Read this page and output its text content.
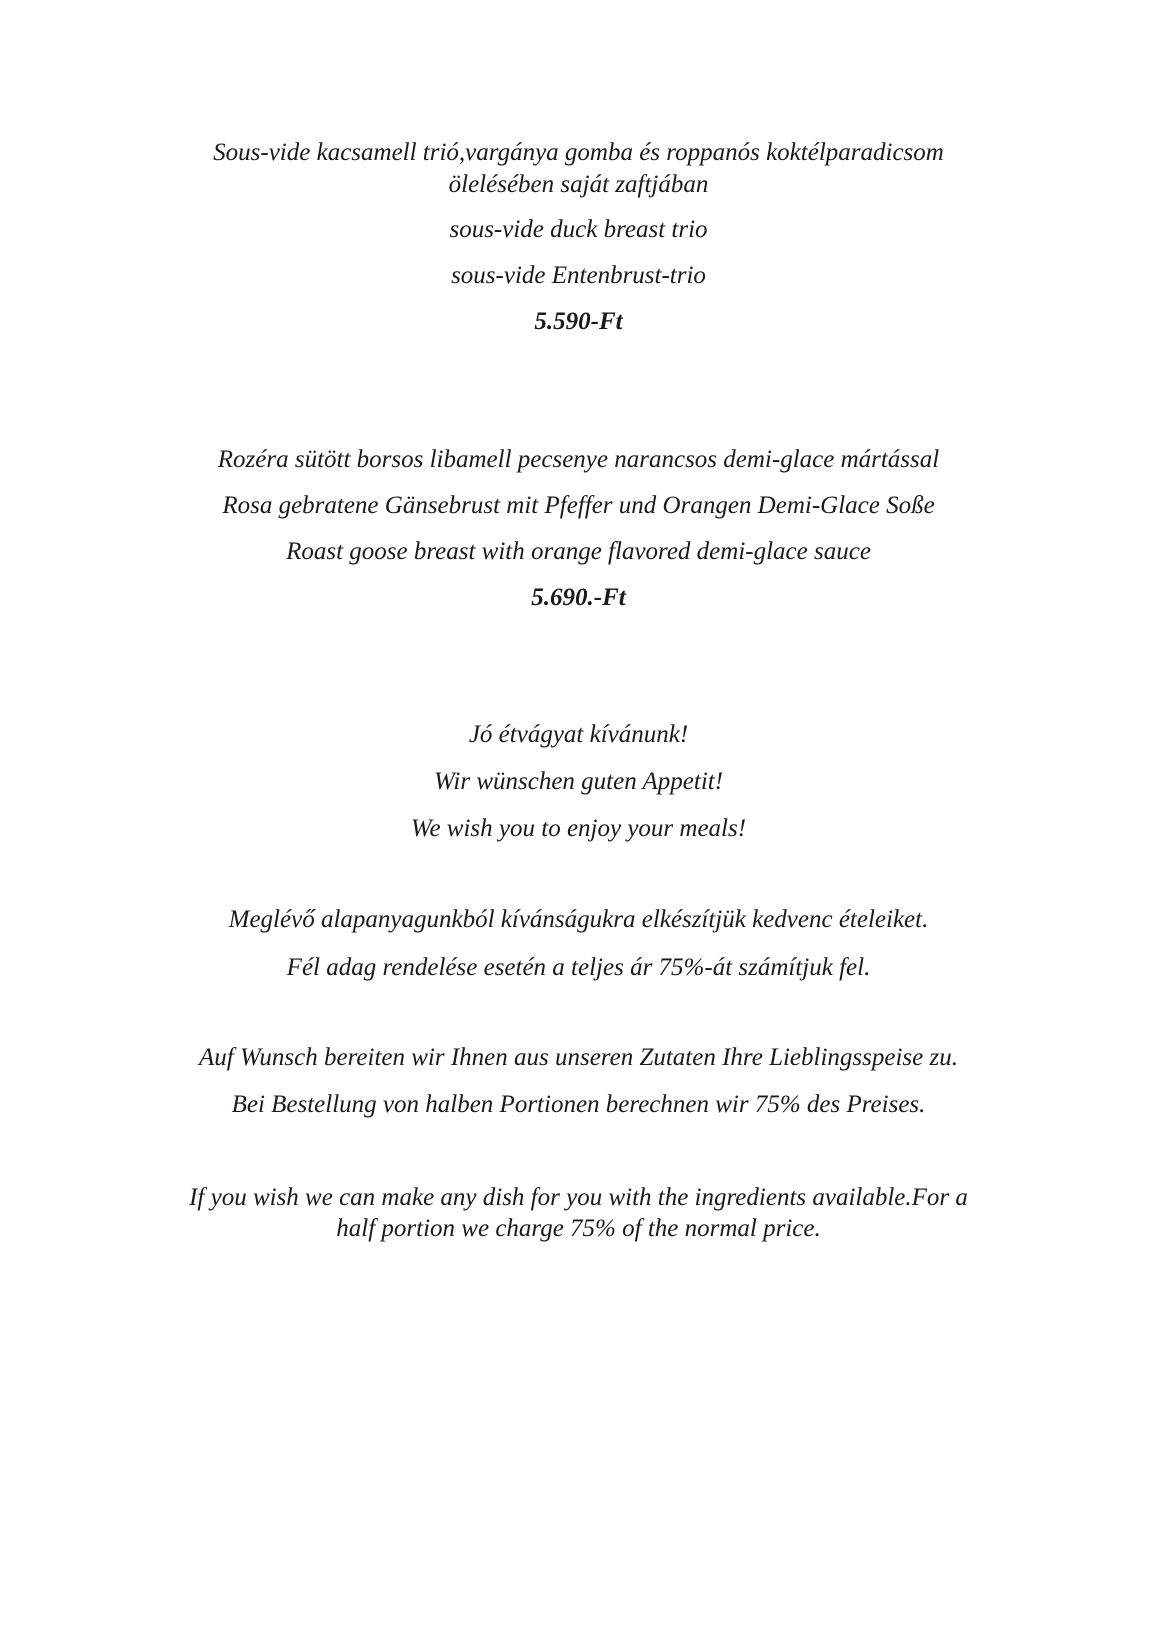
Sous-vide kacsamell trió,vargánya gomba és roppanós koktélparadicsom
ölelésében saját zaftjában
sous-vide duck breast trio
sous-vide Entenbrust-trio
5.590-Ft
Rozéra sütött borsos libamell pecsenye narancsos demi-glace mártással
Rosa gebratene Gänsebrust mit Pfeffer und Orangen Demi-Glace Soße
Roast goose breast with orange flavored demi-glace sauce
5.690.-Ft
Jó étvágyat kívánunk!
Wir wünschen guten Appetit!
We wish you to enjoy your meals!
Meglévő alapanyagunkból kívánságukra elkészítjük kedvenc ételeiket.
Fél adag rendelése esetén a teljes ár 75%-át számítjuk fel.
Auf Wunsch bereiten wir Ihnen aus unseren Zutaten Ihre Lieblingsspeise zu.
Bei Bestellung von halben Portionen berechnen wir 75% des Preises.
If you wish we can make any dish for you with the ingredients available.For a
half portion we charge 75% of the normal price.
